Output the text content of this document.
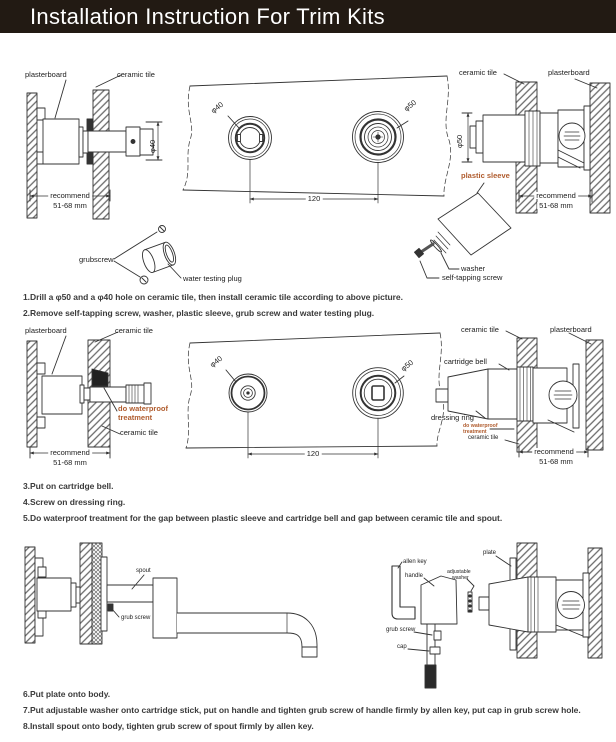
Installation Instruction For Trim Kits
plasterboard	ceramic tile
φ40
recommend
51-68 mm
grubscrew
water testing plug
φ40	φ50
120
ceramic tile	plasterboard
φ50
plastic sleeve
recommend
51-68 mm
washer
self-tapping screw
plasterboard	ceramic tile
do waterproof
treatment
ceramic tile
recommend
51-68 mm
φ40	φ50
120
ceramic tile	plasterboard
cartridge bell
dressing ring
do waterproof
treatment
ceramic tile
recommend
51-68 mm
spout
grub screw
allen key
handle
adjustable
washer
grub screw
cap
plate
1.Drill a φ50 and a φ40 hole on ceramic tile, then install ceramic tile according to above picture.
2.Remove self-tapping screw, washer, plastic sleeve, grub screw and water testing plug.
3.Put on cartridge bell.
4.Screw on dressing ring.
5.Do waterproof treatment for the gap between plastic sleeve and cartridge bell and gap between ceramic tile and spout.
6.Put plate onto body.
7.Put adjustable washer onto cartridge stick, put on handle and tighten grub screw of handle firmly by allen key, put cap in grub screw hole.
8.Install spout onto body, tighten grub screw of spout firmly by allen key.
